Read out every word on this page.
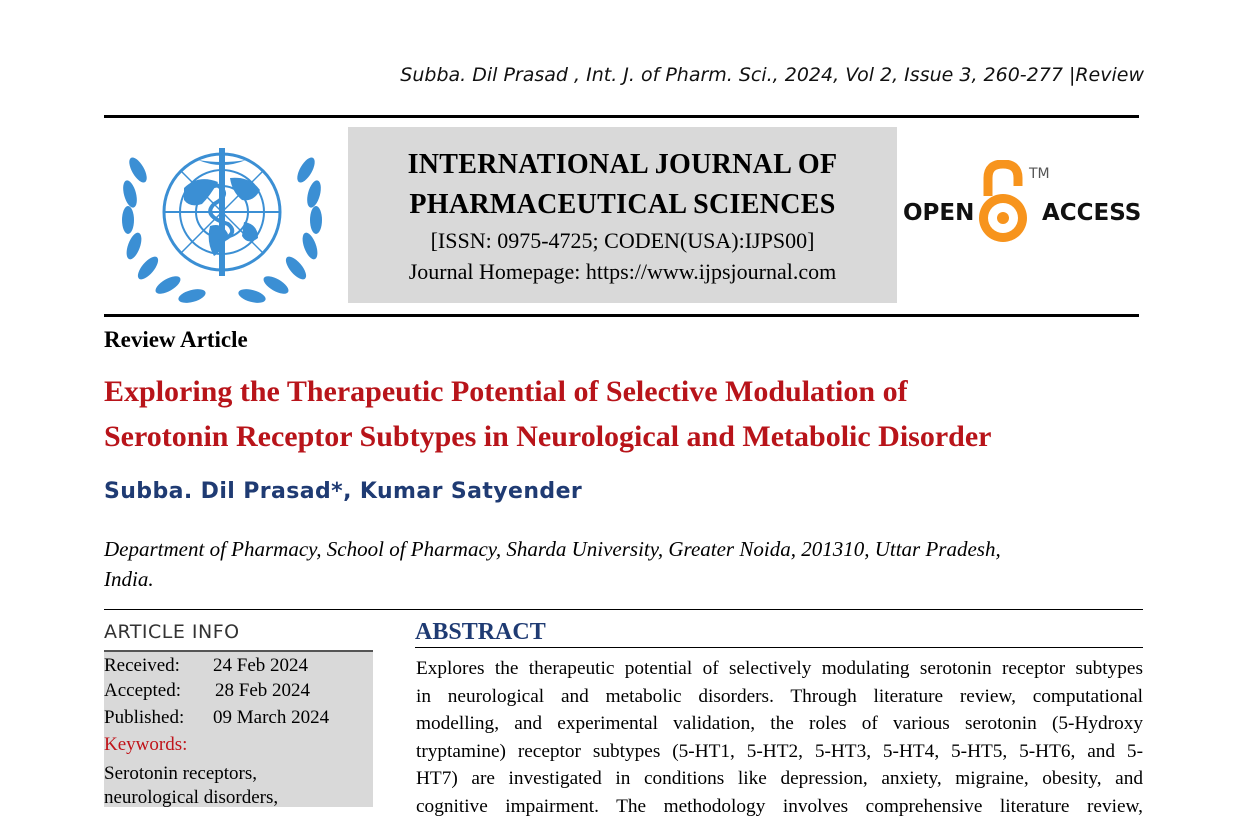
Subba. Dil Prasad , Int. J. of Pharm. Sci., 2024, Vol 2, Issue 3, 260-277 |Review
INTERNATIONAL JOURNAL OF
PHARMACEUTICAL SCIENCES
[ISSN: 0975-4725; CODEN(USA):IJPS00]
Journal Homepage: https://www.ijpsjournal.com
OPEN
TM
ACCESS
Review Article
Exploring the Therapeutic Potential of Selective Modulation of
Serotonin Receptor Subtypes in Neurological and Metabolic Disorder
Subba. Dil Prasad*, Kumar Satyender
Department of Pharmacy, School of Pharmacy, Sharda University, Greater Noida, 201310, Uttar Pradesh,
India.
ARTICLE INFO
Received: 24 Feb 2024
Accepted: 28 Feb 2024
Published: 09 March 2024
Keywords:
Serotonin receptors,
neurological disorders,
ABSTRACT
Explores the therapeutic potential of selectively modulating serotonin receptor subtypes
in neurological and metabolic disorders. Through literature review, computational
modelling, and experimental validation, the roles of various serotonin (5-Hydroxy
tryptamine) receptor subtypes (5-HT1, 5-HT2, 5-HT3, 5-HT4, 5-HT5, 5-HT6, and 5-
HT7) are investigated in conditions like depression, anxiety, migraine, obesity, and
cognitive impairment. The methodology involves comprehensive literature review,
